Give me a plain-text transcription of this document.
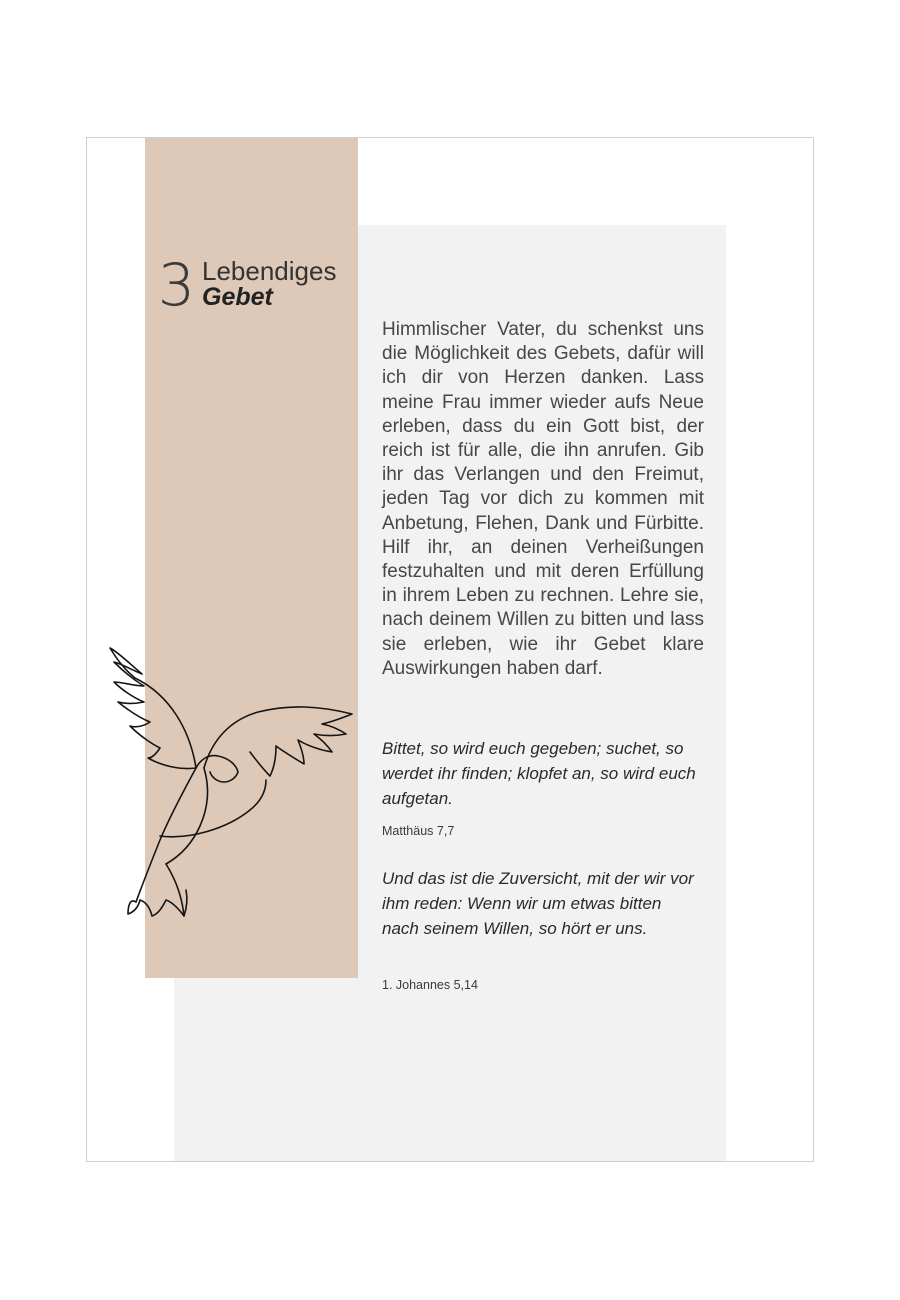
3 Lebendiges
Gebet

Himmlischer Vater, du schenkst uns die Möglichkeit des Gebets, dafür will ich dir von Herzen danken. Lass meine Frau immer wieder aufs Neue erleben, dass du ein Gott bist, der reich ist für alle, die ihn anrufen. Gib ihr das Verlangen und den Freimut, jeden Tag vor dich zu kommen mit Anbetung, Flehen, Dank und Fürbitte. Hilf ihr, an deinen Verheißungen festzuhalten und mit deren Erfüllung in ihrem Leben zu rechnen. Lehre sie, nach deinem Willen zu bitten und lass sie erleben, wie ihr Gebet klare Auswirkungen haben darf.

Bittet, so wird euch gegeben; suchet, so werdet ihr finden; klopfet an, so wird euch aufgetan.

Matthäus 7,7

Und das ist die Zuversicht, mit der wir vor ihm reden: Wenn wir um etwas bitten nach seinem Willen, so hört er uns.

1. Johannes 5,14
